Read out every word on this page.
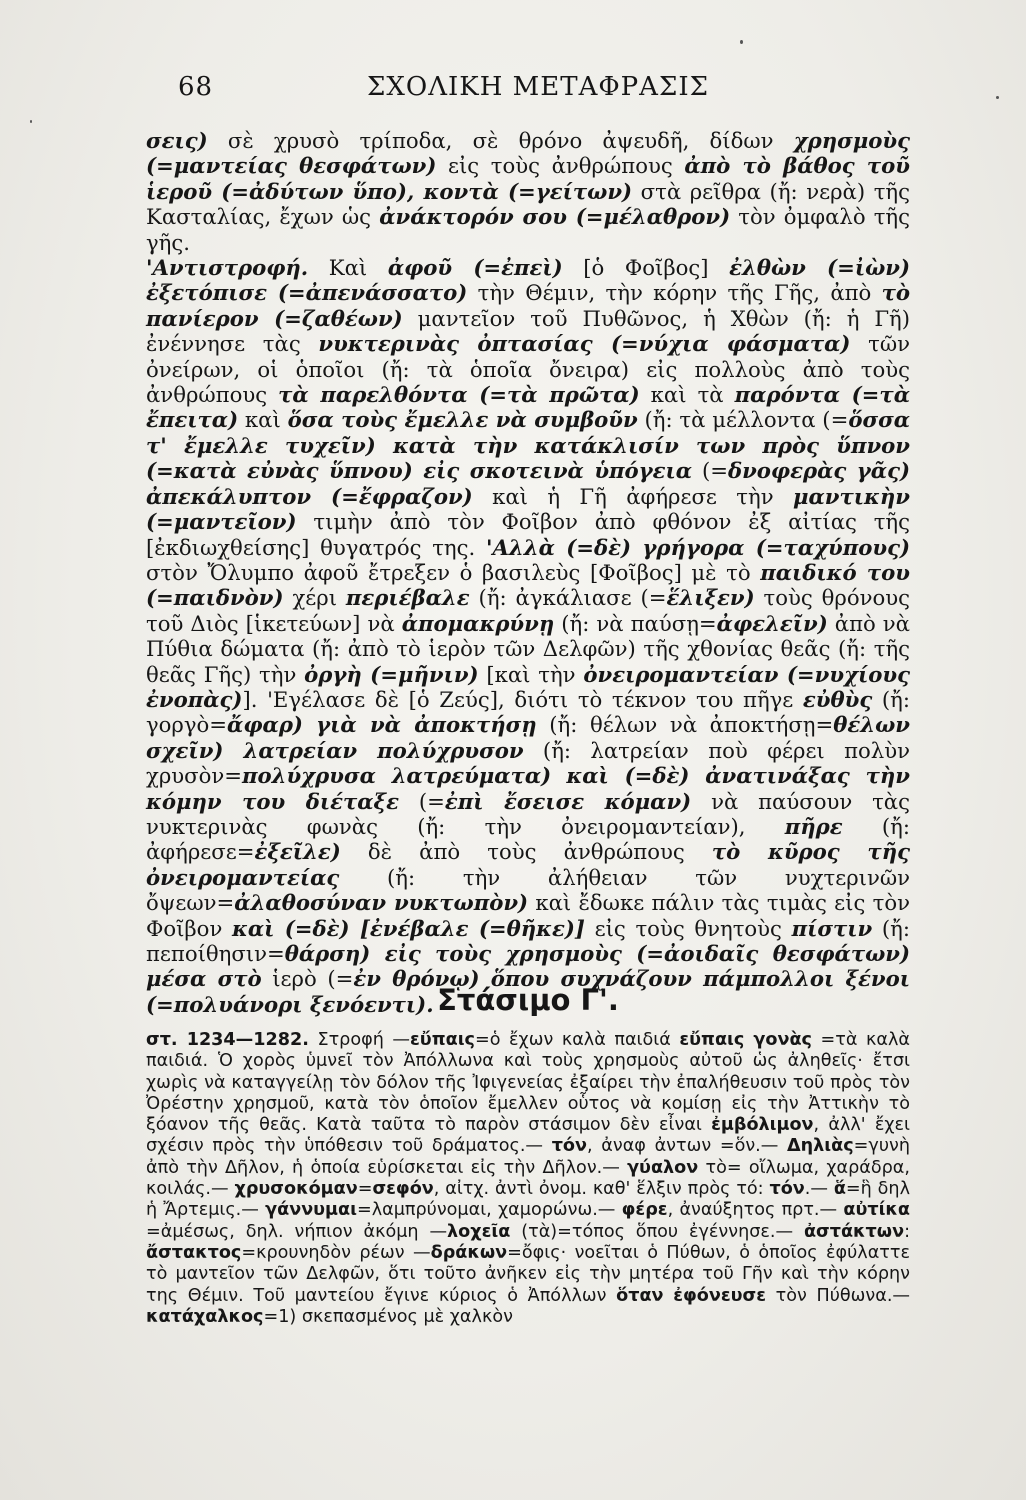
68	ΣΧΟΛΙΚΗ ΜΕΤΑΦΡΑΣΙΣ

σεις) σὲ χρυσὸ τρίποδα, σὲ θρόνο ἀψευδῆ, δίδων χρησμοὺς (=μαντείας θεσφάτων) εἰς τοὺς ἀνθρώπους ἀπὸ τὸ βάθος τοῦ ἱεροῦ (=ἀδύτων ὕπο), κοντὰ (=γείτων) στὰ ρεῖθρα (ἤ: νερὰ) τῆς Κασταλίας, ἔχων ὡς ἀνάκτορόν σου (=μέλαθρον) τὸν ὀμφαλὸ τῆς γῆς.

'Αντιστροφή. Καὶ ἀφοῦ (=ἐπεὶ) [ὁ Φοῖβος] ἐλθὼν (=ἰὼν) ἐξετόπισε (=ἀπενάσσατο) τὴν Θέμιν, τὴν κόρην τῆς Γῆς, ἀπὸ τὸ πανίερον (=ζαθέων) μαντεῖον τοῦ Πυθῶνος, ἡ Χθὼν (ἤ: ἡ Γῆ) ἐνέννησε τὰς νυκτερινὰς ὀπτασίας (=νύχια φάσματα) τῶν ὀνείρων, οἱ ὁποῖοι (ἤ: τὰ ὁποῖα ὄνειρα) εἰς πολλοὺς ἀπὸ τοὺς ἀνθρώπους τὰ παρελθόντα (=τὰ πρῶτα) καὶ τὰ παρόντα (=τὰ ἔπειτα) καὶ ὅσα τοὺς ἔμελλε νὰ συμβοῦν (ἤ: τὰ μέλλοντα (=ὅσσα τ' ἔμελλε τυχεῖν) κατὰ τὴν κατάκλισίν των πρὸς ὕπνον (=κατὰ εὐνὰς ὕπνου) εἰς σκοτεινὰ ὑπόγεια (=δνοφερὰς γᾶς) ἀπεκάλυπτον (=ἔφραζον) καὶ ἡ Γῆ ἀφήρεσε τὴν μαντικὴν (=μαντεῖον) τιμὴν ἀπὸ τὸν Φοῖβον ἀπὸ φθόνον ἐξ αἰτίας τῆς [ἐκδιωχθείσης] θυγατρός της. 'Αλλὰ (=δὲ) γρήγορα (=ταχύπους) στὸν Ὄλυμπο ἀφοῦ ἔτρεξεν ὁ βασιλεὺς [Φοῖβος] μὲ τὸ παιδικό του (=παιδνὸν) χέρι περιέβαλε (ἤ: ἀγκάλιασε (=ἕλιξεν) τοὺς θρόνους τοῦ Διὸς [ἱκετεύων] νὰ ἀπομακρύνῃ (ἤ: νὰ παύσῃ=ἀφελεῖν) ἀπὸ νὰ Πύθια δώματα (ἤ: ἀπὸ τὸ ἱερὸν τῶν Δελφῶν) τῆς χθονίας θεᾶς (ἤ: τῆς θεᾶς Γῆς) τὴν ὀργὴ (=μῆνιν) [καὶ τὴν ὀνειρομαντείαν (=νυχίους ἐνοπὰς)]. 'Εγέλασε δὲ [ὁ Ζεύς], διότι τὸ τέκνον του πῆγε εὐθὺς (ἤ: γοργὸ=ἄφαρ) γιὰ νὰ ἀποκτήσῃ (ἤ: θέλων νὰ ἀποκτήσῃ=θέλων σχεῖν) λατρείαν πολύχρυσον (ἤ: λατρείαν ποὺ φέρει πολὺν χρυσὸν=πολύχρυσα λατρεύματα) καὶ (=δὲ) ἀνατινάξας τὴν κόμην του διέταξε (=ἐπὶ ἔσεισε κόμαν) νὰ παύσουν τὰς νυκτερινὰς φωνὰς (ἤ: τὴν ὀνειρομαντείαν), πῆρε (ἤ: ἀφήρεσε=ἐξεῖλε) δὲ ἀπὸ τοὺς ἀνθρώπους τὸ κῦρος τῆς ὀνειρομαντείας (ἤ: τὴν ἀλήθειαν τῶν νυχτερινῶν ὄψεων=ἀλαθοσύναν νυκτωπὸν) καὶ ἔδωκε πάλιν τὰς τιμὰς εἰς τὸν Φοῖβον καὶ (=δὲ) [ἐνέβαλε (=θῆκε)] εἰς τοὺς θνητοὺς πίστιν (ἤ: πεποίθησιν=θάρση) εἰς τοὺς χρησμοὺς (=ἀοιδαῖς θεσφάτων) μέσα στὸ ἱερὸ (=ἐν θρόνῳ) ὅπου συχνάζουν πάμπολλοι ξένοι (=πολυάνορι ξενόεντι). Στάσιμο Γ'.

στ. 1234—1282. Στροφή —εὔπαις=ὁ ἔχων καλὰ παιδιά εὔπαις γονὰς =τὰ καλὰ παιδιά. Ὁ χορὸς ὑμνεῖ τὸν Ἀπόλλωνα καὶ τοὺς χρησμοὺς αὐτοῦ ὡς ἀληθεῖς· ἔτσι χωρὶς νὰ καταγγείλῃ τὸν δόλον τῆς Ἰφιγενείας ἐξαίρει τὴν ἐπαλήθευσιν τοῦ πρὸς τὸν Ὀρέστην χρησμοῦ, κατὰ τὸν ὁποῖον ἔμελλεν οὗτος νὰ κομίσῃ εἰς τὴν Ἀττικὴν τὸ ξόανον τῆς θεᾶς. Κατὰ ταῦτα τὸ παρὸν στάσιμον δὲν εἶναι ἐμβόλιμον, ἀλλ' ἔχει σχέσιν πρὸς τὴν ὑπόθεσιν τοῦ δράματος.— τόν, ἀναφ ἀντων =ὅν.— Δηλιὰς=γυνὴ ἀπὸ τὴν Δῆλον, ἡ ὁποία εὑρίσκεται εἰς τὴν Δῆλον.— γύαλον τὸ= οἴλωμα, χαράδρα, κοιλάς.— χρυσοκόμαν=σεφόν, αἰτχ. ἀντὶ ὀνομ. καθ' ἕλξιν πρὸς τό: τόν.— ἅ=ἣ δηλ ἡ Ἄρτεμις.— γάννυμαι=λαμπρύνομαι, χαμορώνω.— φέρε, ἀναύξητος πρτ.— αὐτίκα =ἀμέσως, δηλ. νήπιον ἀκόμη —λοχεῖα (τὰ)=τόπος ὅπου ἐγέννησε.— ἀστάκτων: ἄστακτος=κρουνηδὸν ρέων —δράκων=ὄφις· νοεῖται ὁ Πύθων, ὁ ὁποῖος ἐφύλαττε τὸ μαντεῖον τῶν Δελφῶν, ὅτι τοῦτο ἀνῆκεν εἰς τὴν μητέρα τοῦ Γῆν καὶ τὴν κόρην της Θέμιν. Τοῦ μαντείου ἔγινε κύριος ὁ Ἀπόλλων ὅταν ἐφόνευσε τὸν Πύθωνα.— κατάχαλκος=1) σκεπασμένος μὲ χαλκὸν
